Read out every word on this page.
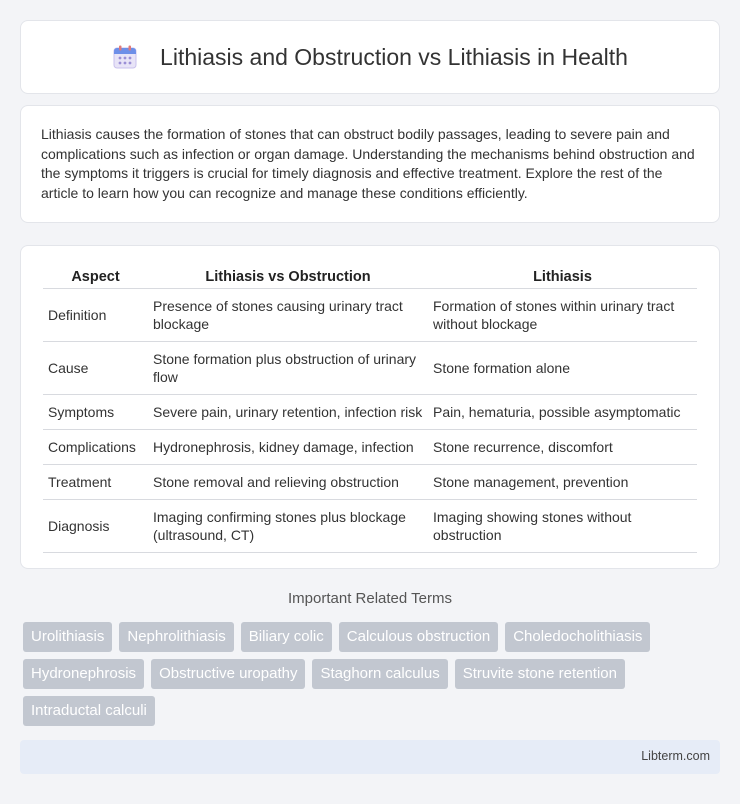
Lithiasis and Obstruction vs Lithiasis in Health

Lithiasis causes the formation of stones that can obstruct bodily passages, leading to severe pain and complications such as infection or organ damage. Understanding the mechanisms behind obstruction and the symptoms it triggers is crucial for timely diagnosis and effective treatment. Explore the rest of the article to learn how you can recognize and manage these conditions efficiently.

Aspect	Lithiasis vs Obstruction	Lithiasis
Definition	Presence of stones causing urinary tract blockage	Formation of stones within urinary tract without blockage
Cause	Stone formation plus obstruction of urinary flow	Stone formation alone
Symptoms	Severe pain, urinary retention, infection risk	Pain, hematuria, possible asymptomatic
Complications	Hydronephrosis, kidney damage, infection	Stone recurrence, discomfort
Treatment	Stone removal and relieving obstruction	Stone management, prevention
Diagnosis	Imaging confirming stones plus blockage (ultrasound, CT)	Imaging showing stones without obstruction
Important Related Terms
Urolithiasis	Nephrolithiasis	Biliary colic	Calculous obstruction	Choledocholithiasis
Hydronephrosis	Obstructive uropathy	Staghorn calculus	Struvite stone retention
Intraductal calculi
Libterm.com
